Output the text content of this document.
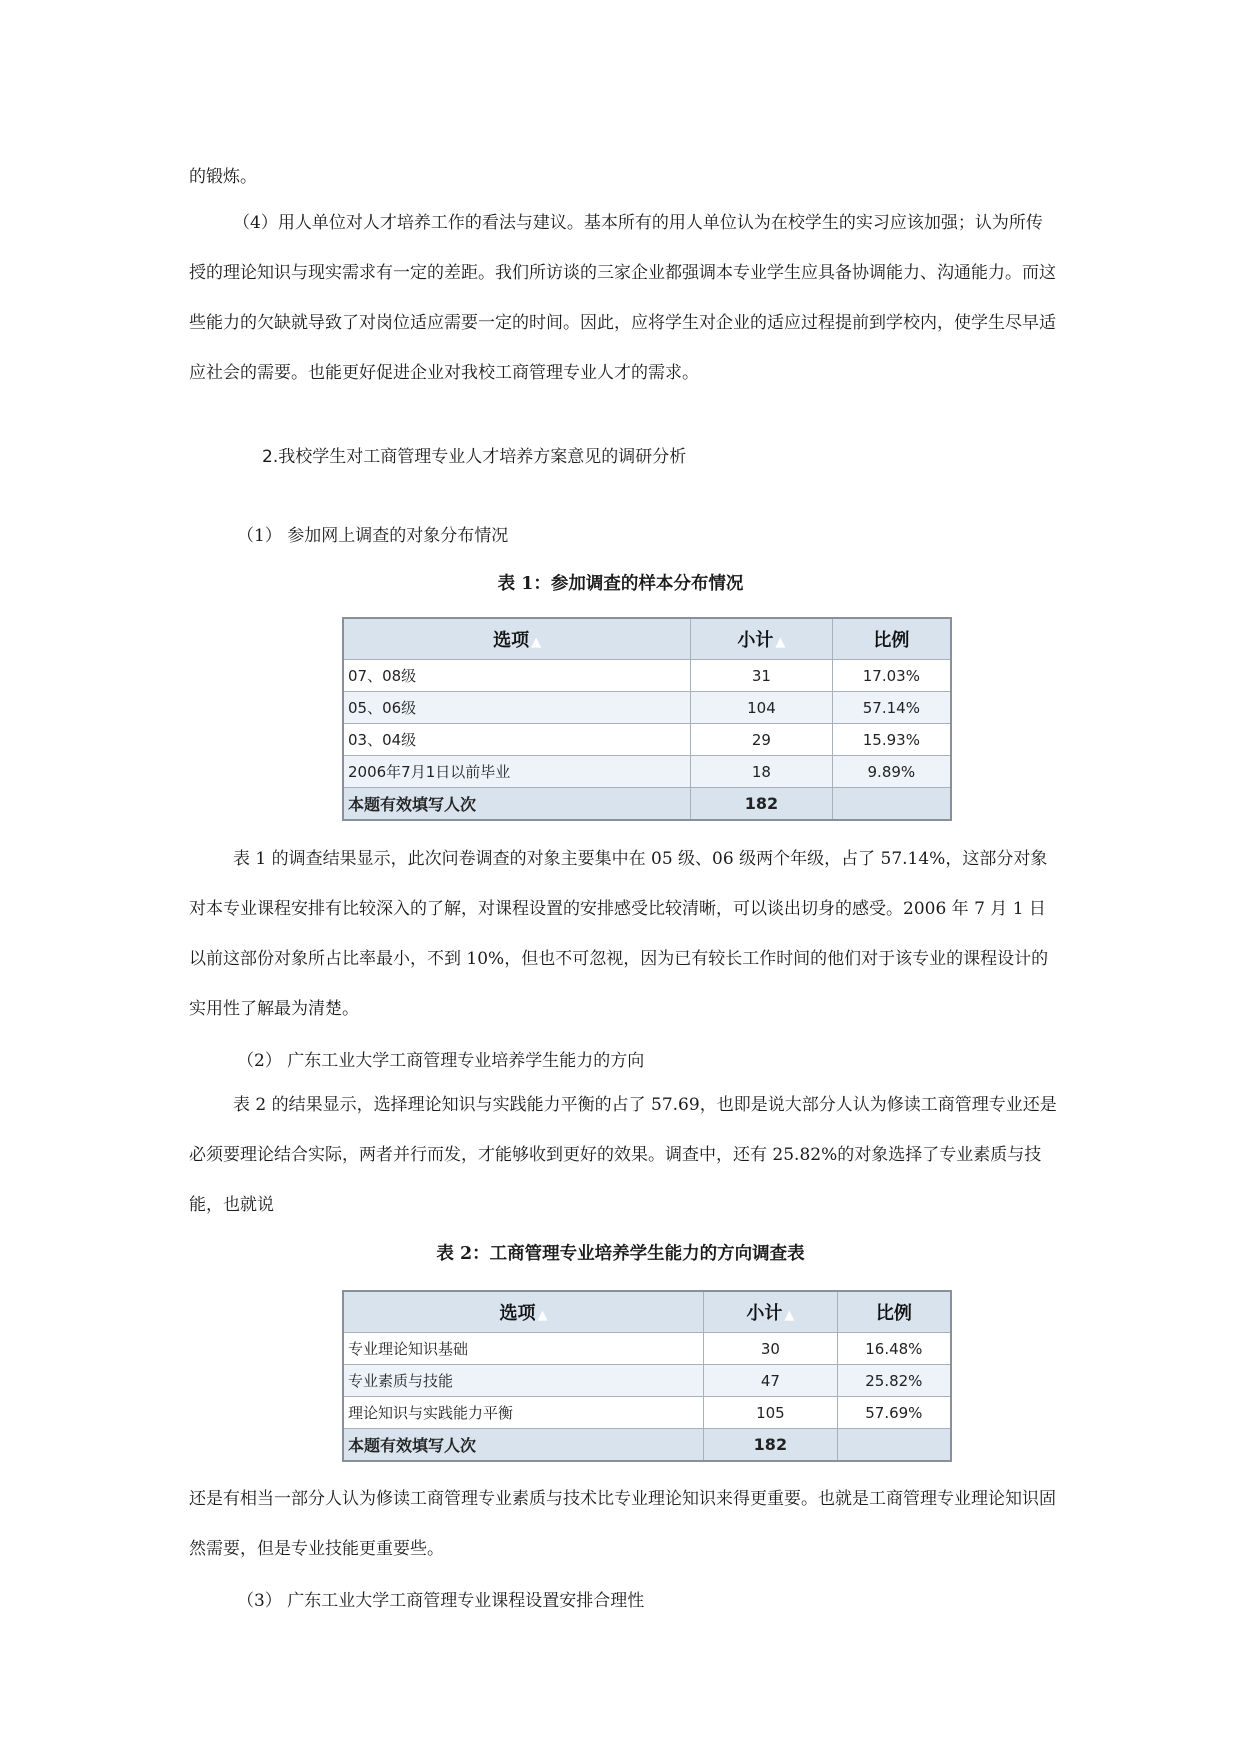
的锻炼。

（4）用人单位对人才培养工作的看法与建议。基本所有的用人单位认为在校学生的实习应该加强；认为所传授的理论知识与现实需求有一定的差距。我们所访谈的三家企业都强调本专业学生应具备协调能力、沟通能力。而这些能力的欠缺就导致了对岗位适应需要一定的时间。因此，应将学生对企业的适应过程提前到学校内，使学生尽早适应社会的需要。也能更好促进企业对我校工商管理专业人才的需求。

2.我校学生对工商管理专业人才培养方案意见的调研分析

（1） 参加网上调查的对象分布情况

表 1：参加调查的样本分布情况

选项 ▲	小计 ▲	比例
07、08级	31	17.03%
05、06级	104	57.14%
03、04级	29	15.93%
2006年7月1日以前毕业	18	9.89%
本题有效填写人次	182	

表 1 的调查结果显示，此次问卷调查的对象主要集中在 05 级、06 级两个年级，占了 57.14%，这部分对象对本专业课程安排有比较深入的了解，对课程设置的安排感受比较清晰，可以谈出切身的感受。2006 年 7 月 1 日以前这部份对象所占比率最小，不到 10%，但也不可忽视，因为已有较长工作时间的他们对于该专业的课程设计的实用性了解最为清楚。

（2） 广东工业大学工商管理专业培养学生能力的方向

表 2 的结果显示，选择理论知识与实践能力平衡的占了 57.69，也即是说大部分人认为修读工商管理专业还是必须要理论结合实际，两者并行而发，才能够收到更好的效果。调查中，还有 25.82%的对象选择了专业素质与技能，也就说

表 2：工商管理专业培养学生能力的方向调查表

选项 ▲	小计 ▲	比例
专业理论知识基础	30	16.48%
专业素质与技能	47	25.82%
理论知识与实践能力平衡	105	57.69%
本题有效填写人次	182	

还是有相当一部分人认为修读工商管理专业素质与技术比专业理论知识来得更重要。也就是工商管理专业理论知识固然需要，但是专业技能更重要些。

（3） 广东工业大学工商管理专业课程设置安排合理性
